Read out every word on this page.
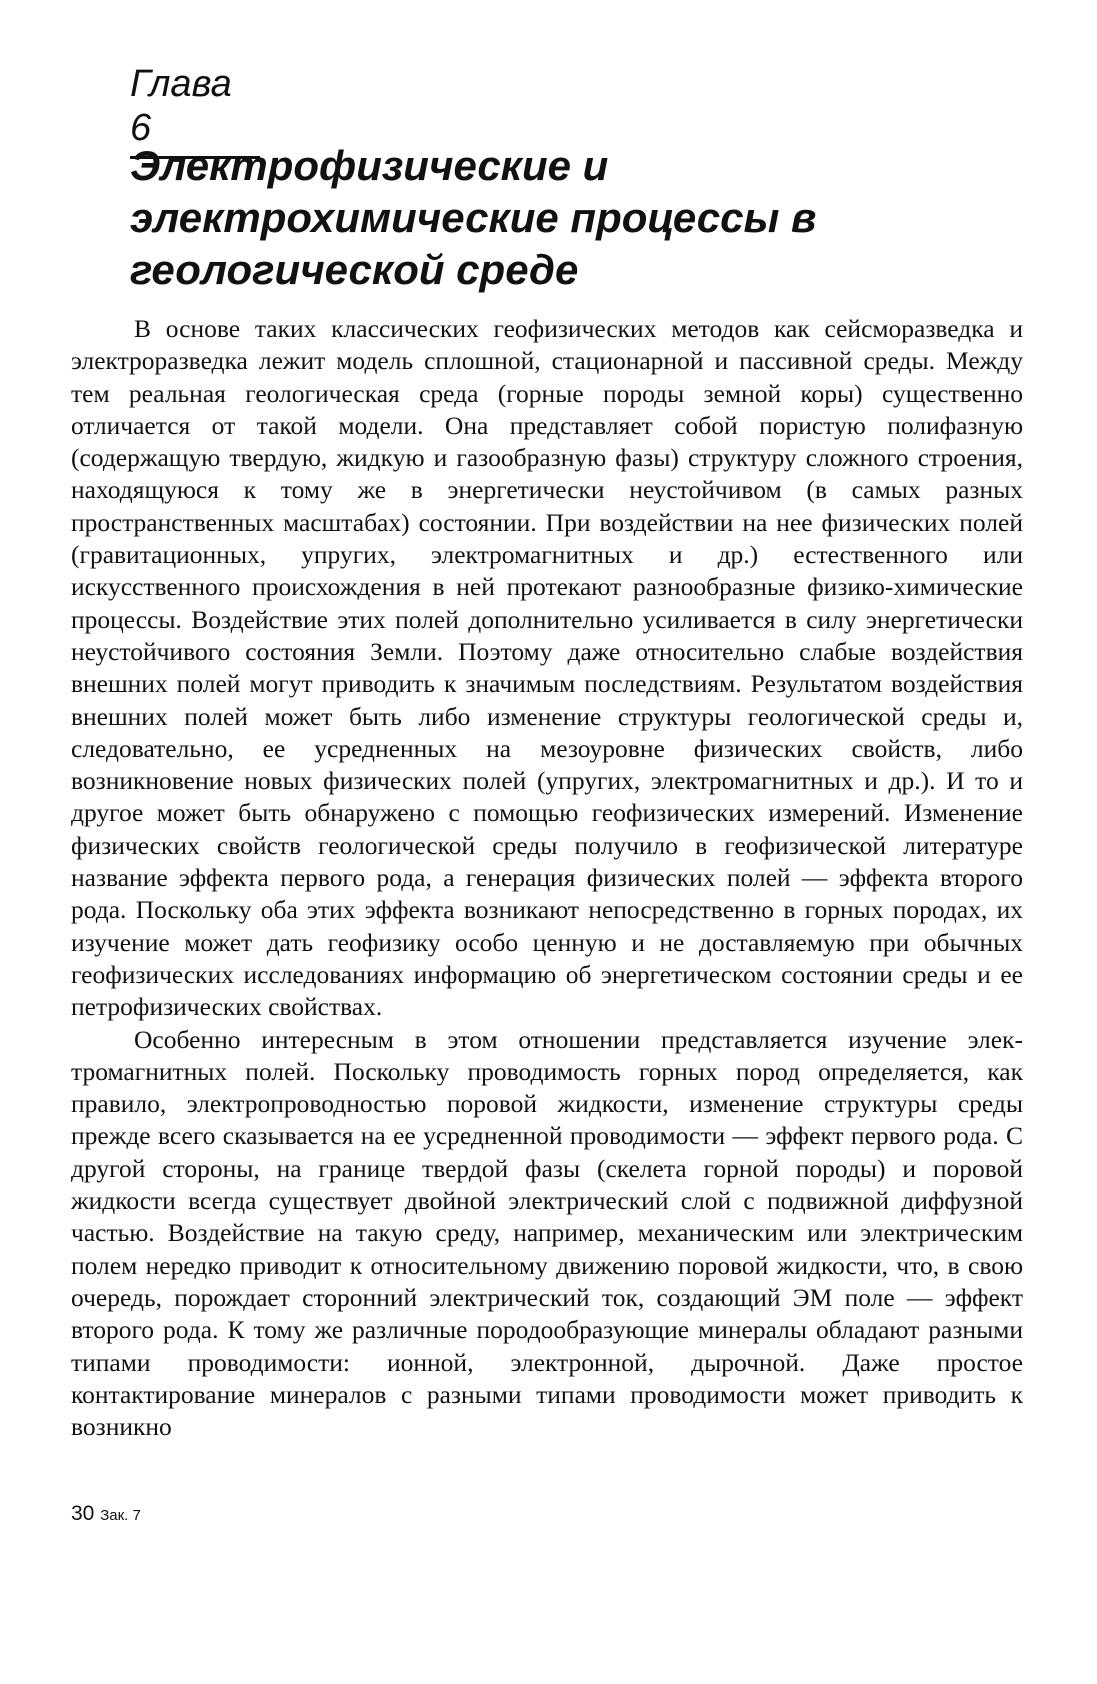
Глава 6
Электрофизические и электрохимические процессы в геологической среде

В основе таких классических геофизических методов как сейсморазведка и электроразведка лежит модель сплошной, стационарной и пассивной среды. Между тем реальная геологическая среда (горные породы земной коры) существенно отличается от такой модели. Она представляет собой пористую полифазную (содержащую твердую, жидкую и газообразную фазы) структуру сложного строения, находящуюся к тому же в энергетически неустойчивом (в самых разных пространственных масштабах) состоянии. При воздействии на нее физических полей (гравитационных, упругих, электромагнитных и др.) естественного или искусственного происхождения в ней протекают разнообразные физико-химические процессы. Воздействие этих полей дополнительно усиливается в силу энергетически неустойчивого состояния Земли. Поэтому даже относительно слабые воздействия внешних полей могут приводить к значимым последствиям. Результатом воздействия внешних полей может быть либо изменение структуры геологической среды и, следовательно, ее усредненных на мезоуровне физических свойств, либо возникновение новых физических полей (упругих, электромагнитных и др.). И то и другое может быть обнаружено с помощью геофизических измерений. Изменение физических свойств геологической среды получило в геофизической литературе название эффекта первого рода, а генерация физических полей — эффекта второго рода. Поскольку оба этих эффекта возникают непосредственно в горных породах, их изучение может дать геофизику особо ценную и не доставляемую при обычных геофизических исследованиях информацию об энергетическом состоянии среды и ее петрофизических свойствах.

Особенно интересным в этом отношении представляется изучение электромагнитных полей. Поскольку проводимость горных пород определяется, как правило, электропроводностью поровой жидкости, изменение структуры среды прежде всего сказывается на ее усредненной проводимости — эффект первого рода. С другой стороны, на границе твердой фазы (скелета горной породы) и поровой жидкости всегда существует двойной электрический слой с подвижной диффузной частью. Воздействие на такую среду, например, механическим или электрическим полем нередко приводит к относительному движению поровой жидкости, что, в свою очередь, порождает сторонний электрический ток, создающий ЭМ поле — эффект второго рода. К тому же различные породообразующие минералы обладают разными типами проводимости: ионной, электронной, дырочной. Даже простое контактирование минералов с разными типами проводимости может приводить к возникно

30 Зак. 7
